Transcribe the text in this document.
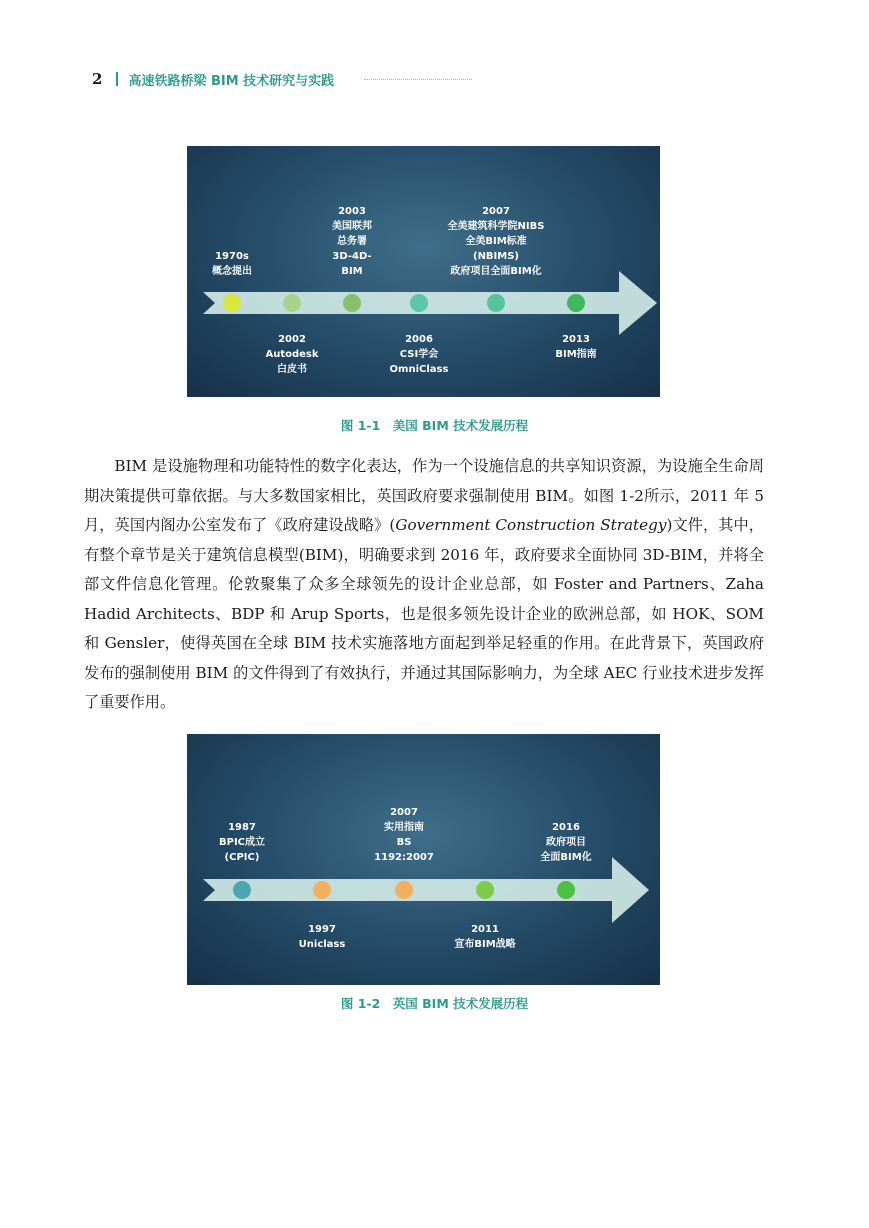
2 高速铁路桥梁 BIM 技术研究与实践
1970s
概念提出
2002
Autodesk
白皮书
2003
美国联邦
总务署
3D-4D-
BIM
2006
CSI学会
OmniClass
2007
全美建筑科学院NIBS
全美BIM标准
(NBIMS)
政府项目全面BIM化
2013
BIM指南
图 1-1　美国 BIM 技术发展历程
BIM 是设施物理和功能特性的数字化表达，作为一个设施信息的共享知识资源，为设施全生命周期决策提供可靠依据。与大多数国家相比，英国政府要求强制使用 BIM。如图 1-2所示，2011 年 5 月，英国内阁办公室发布了《政府建设战略》(Government Construction Strategy)文件，其中，有整个章节是关于建筑信息模型(BIM)，明确要求到 2016 年，政府要求全面协同 3D-BIM，并将全部文件信息化管理。伦敦聚集了众多全球领先的设计企业总部，如 Foster and Partners、Zaha Hadid Architects、BDP 和 Arup Sports，也是很多领先设计企业的欧洲总部，如 HOK、SOM 和 Gensler，使得英国在全球 BIM 技术实施落地方面起到举足轻重的作用。在此背景下，英国政府发布的强制使用 BIM 的文件得到了有效执行，并通过其国际影响力，为全球 AEC 行业技术进步发挥了重要作用。
1987
BPIC成立
(CPIC)
1997
Uniclass
2007
实用指南
BS
1192:2007
2011
宣布BIM战略
2016
政府项目
全面BIM化
图 1-2　英国 BIM 技术发展历程
